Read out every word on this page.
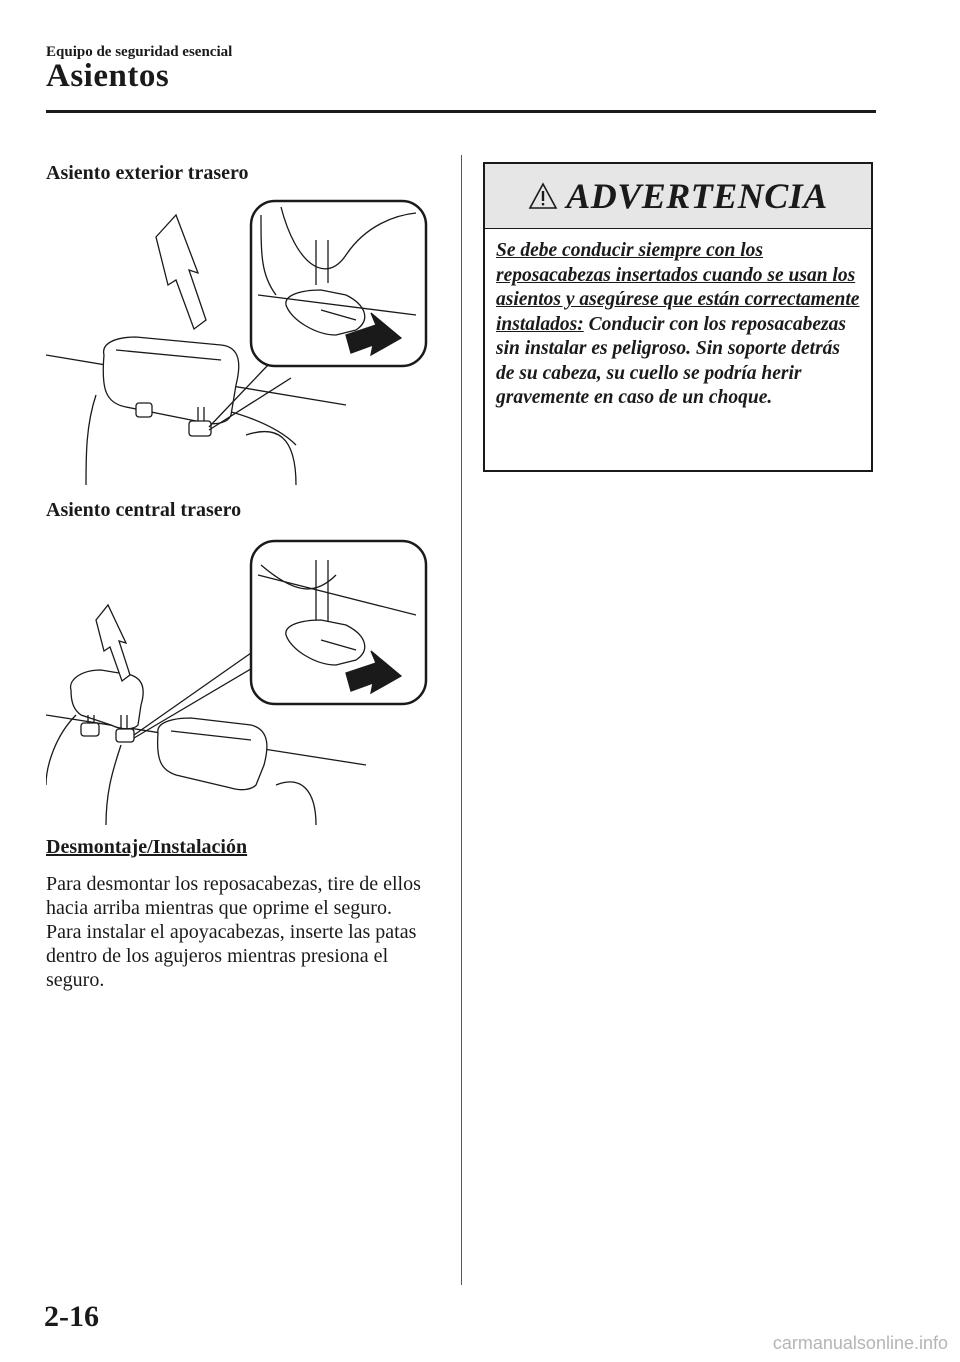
Equipo de seguridad esencial
Asientos
Asiento exterior trasero
Asiento central trasero
Desmontaje/Instalación

Para desmontar los reposacabezas, tire de ellos hacia arriba mientras que oprime el seguro.

Para instalar el apoyacabezas, inserte las patas dentro de los agujeros mientras presiona el seguro.

ADVERTENCIA
Se debe conducir siempre con los reposacabezas insertados cuando se usan los asientos y asegúrese que están correctamente instalados: Conducir con los reposacabezas sin instalar es peligroso. Sin soporte detrás de su cabeza, su cuello se podría herir gravemente en caso de un choque.
2-16
carmanualsonline.info
